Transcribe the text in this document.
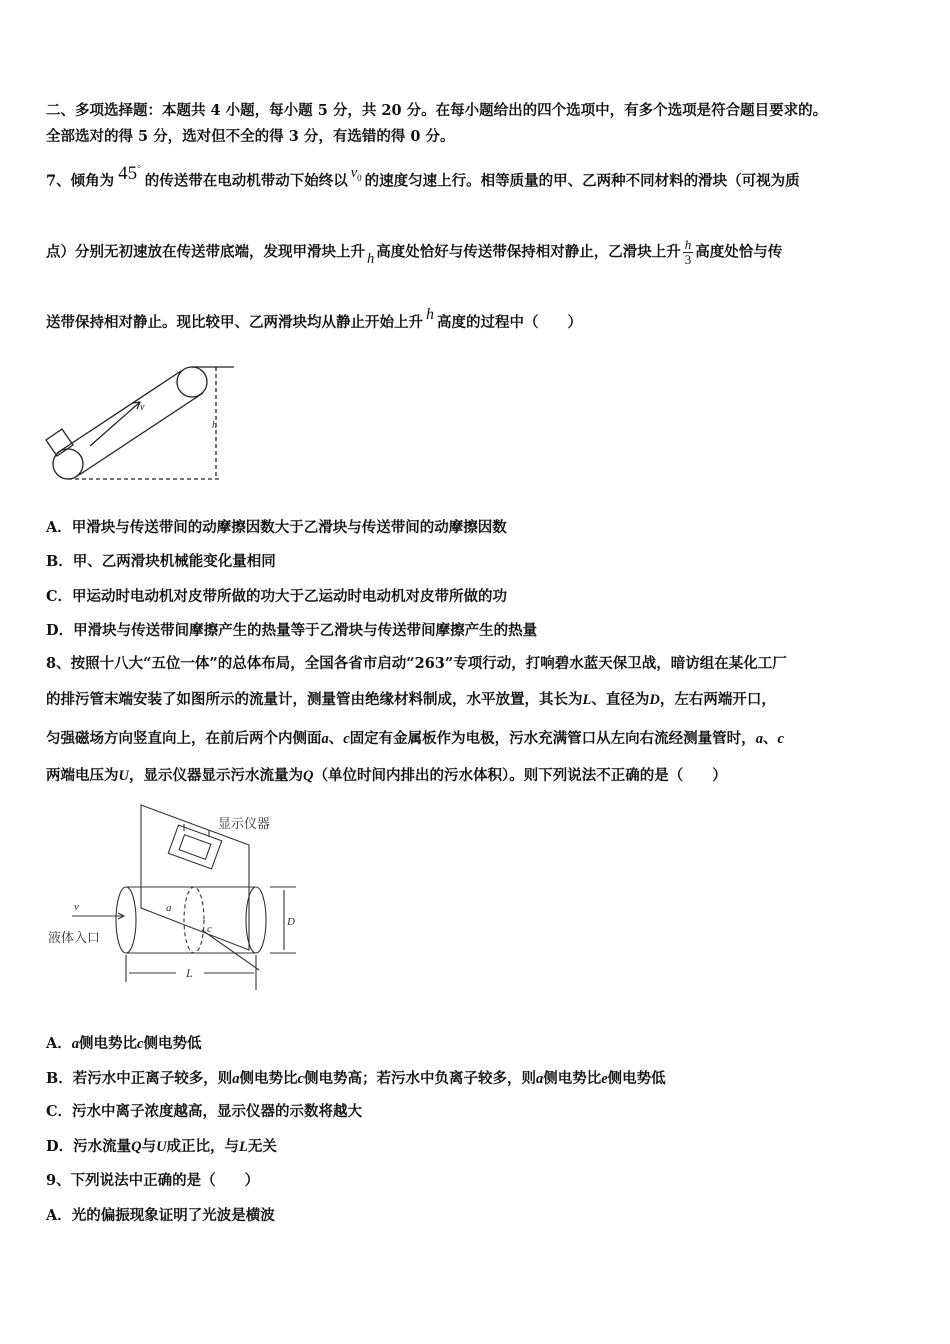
二、多项选择题：本题共 4 小题，每小题 5 分，共 20 分。在每小题给出的四个选项中，有多个选项是符合题目要求的。
全部选对的得 5 分，选对但不全的得 3 分，有选错的得 0 分。
7、倾角为 45°的传送带在电动机带动下始终以 $v_0$ 的速度匀速上行。相等质量的甲、乙两种不同材料的滑块（可视为质
点）分别无初速放在传送带底端，发现甲滑块上升 h 高度处恰好与传送带保持相对静止，乙滑块上升 $\frac{h}{3}$ 高度处恰与传
送带保持相对静止。现比较甲、乙两滑块均从静止开始上升 h 高度的过程中（　　）
v
h
A．甲滑块与传送带间的动摩擦因数大于乙滑块与传送带间的动摩擦因数
B．甲、乙两滑块机械能变化量相同
C．甲运动时电动机对皮带所做的功大于乙运动时电动机对皮带所做的功
D．甲滑块与传送带间摩擦产生的热量等于乙滑块与传送带间摩擦产生的热量
8、按照十八大“五位一体”的总体布局，全国各省市启动“263”专项行动，打响碧水蓝天保卫战，暗访组在某化工厂
的排污管末端安装了如图所示的流量计，测量管由绝缘材料制成，水平放置，其长为L、直径为D，左右两端开口，
匀强磁场方向竖直向上，在前后两个内侧面a、c固定有金属板作为电极，污水充满管口从左向右流经测量管时，a、c
两端电压为U，显示仪器显示污水流量为Q（单位时间内排出的污水体积）。则下列说法不正确的是（　　）
显示仪器
液体入口
v	a
c
D
L
A．a侧电势比c侧电势低
B．若污水中正离子较多，则a侧电势比c侧电势高；若污水中负离子较多，则a侧电势比e侧电势低
C．污水中离子浓度越高，显示仪器的示数将越大
D．污水流量Q与U成正比，与L无关
9、下列说法中正确的是（　　）
A．光的偏振现象证明了光波是横波
